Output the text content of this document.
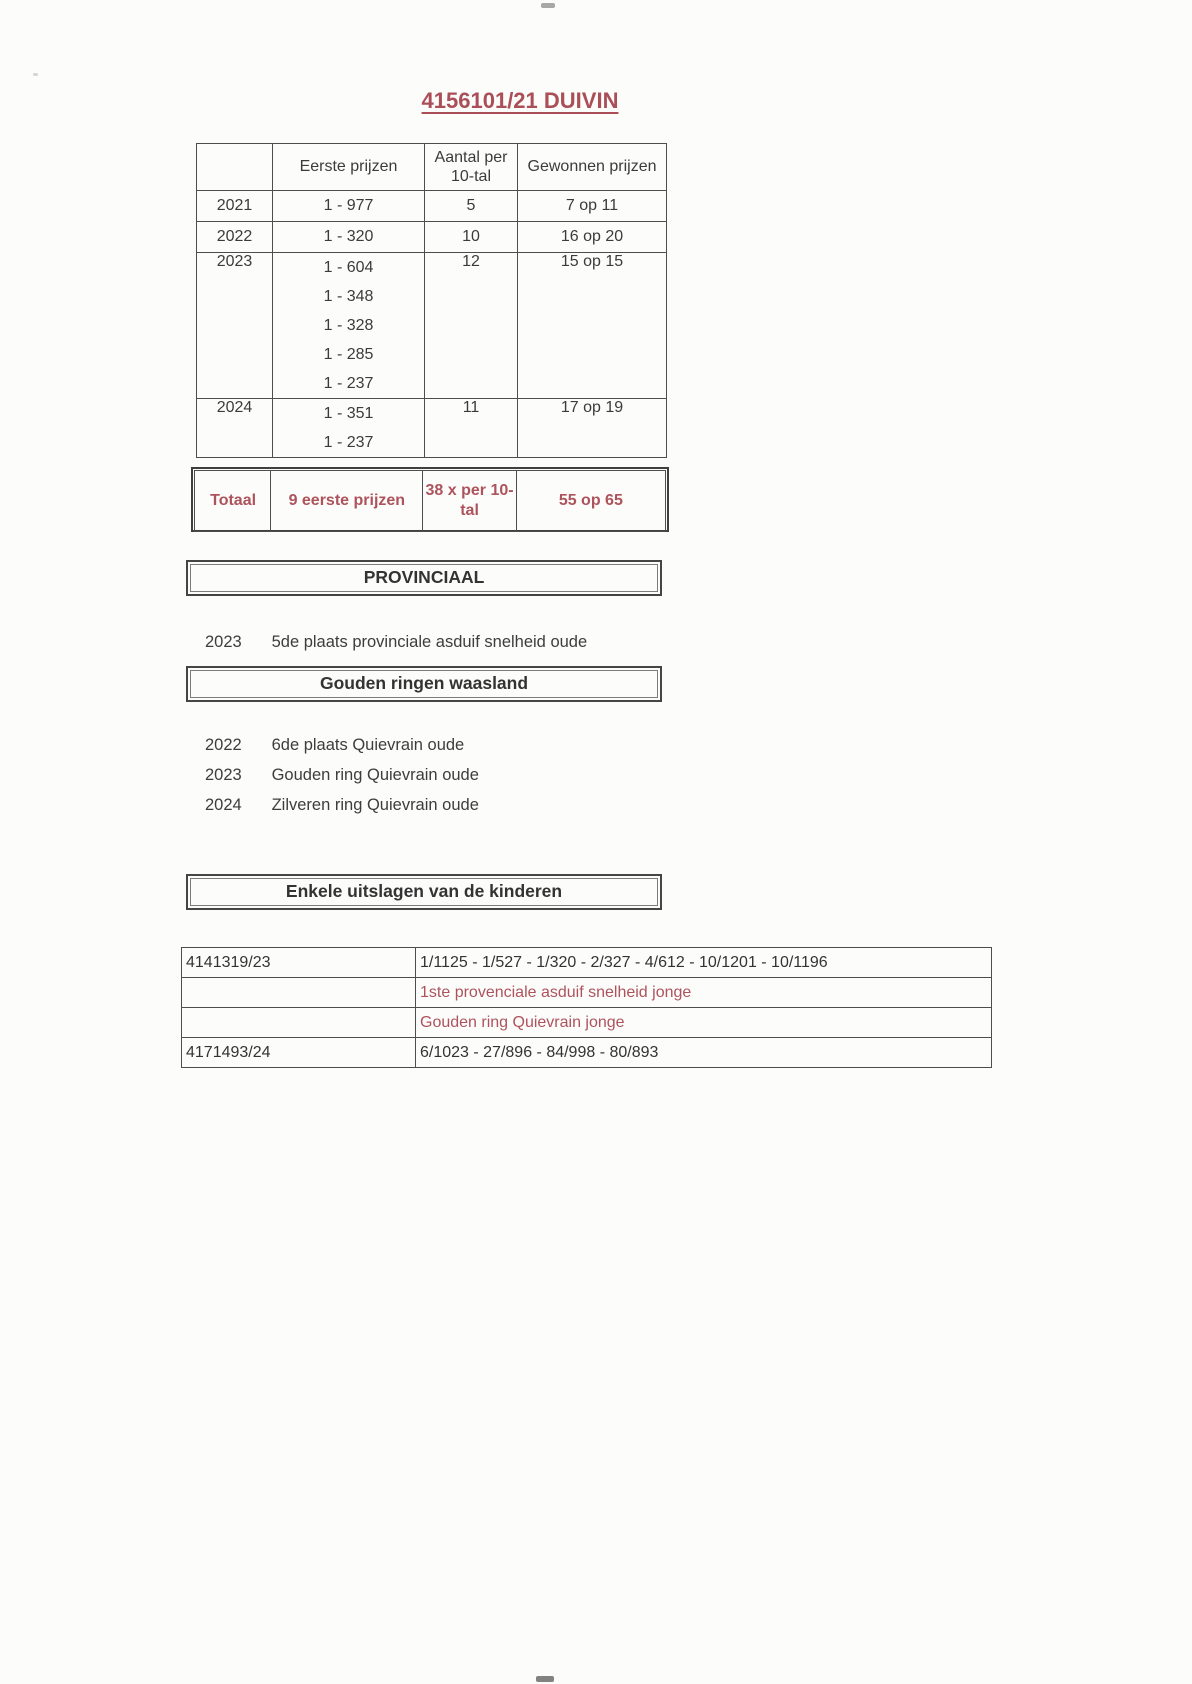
4156101/21 DUIVIN
	Eerste prijzen	Aantal per 10-tal	Gewonnen prijzen
2021	1 - 977	5	7 op 11
2022	1 - 320	10	16 op 20
2023	1 - 604
1 - 348
1 - 328
1 - 285
1 - 237	12	15 op 15
2024	1 - 351
1 - 237	11	17 op 19
Totaal	9 eerste prijzen	38 x per 10-tal	55 op 65
PROVINCIAAL
2023 5de plaats provinciale asduif snelheid oude
Gouden ringen waasland
2022 6de plaats Quievrain oude
2023 Gouden ring Quievrain oude
2024 Zilveren ring Quievrain oude
Enkele uitslagen van de kinderen
4141319/23	1/1125 - 1/527 - 1/320 - 2/327 - 4/612 - 10/1201 - 10/1196
	1ste provenciale asduif snelheid jonge
	Gouden ring Quievrain jonge
4171493/24	6/1023 - 27/896 - 84/998 - 80/893
